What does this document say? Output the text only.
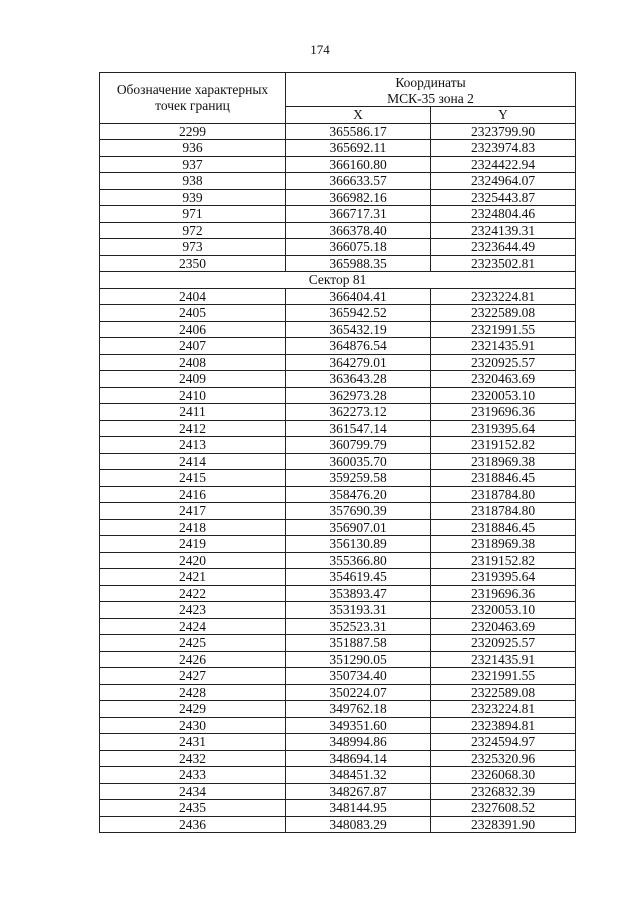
174
Обозначение характерных точек границ	Координаты
МСК-35 зона 2	

	X	Y
2299	365586.17	2323799.90
936	365692.11	2323974.83
937	366160.80	2324422.94
938	366633.57	2324964.07
939	366982.16	2325443.87
971	366717.31	2324804.46
972	366378.40	2324139.31
973	366075.18	2323644.49
2350	365988.35	2323502.81
Сектор 81		
2404	366404.41	2323224.81
2405	365942.52	2322589.08
2406	365432.19	2321991.55
2407	364876.54	2321435.91
2408	364279.01	2320925.57
2409	363643.28	2320463.69
2410	362973.28	2320053.10
2411	362273.12	2319696.36
2412	361547.14	2319395.64
2413	360799.79	2319152.82
2414	360035.70	2318969.38
2415	359259.58	2318846.45
2416	358476.20	2318784.80
2417	357690.39	2318784.80
2418	356907.01	2318846.45
2419	356130.89	2318969.38
2420	355366.80	2319152.82
2421	354619.45	2319395.64
2422	353893.47	2319696.36
2423	353193.31	2320053.10
2424	352523.31	2320463.69
2425	351887.58	2320925.57
2426	351290.05	2321435.91
2427	350734.40	2321991.55
2428	350224.07	2322589.08
2429	349762.18	2323224.81
2430	349351.60	2323894.81
2431	348994.86	2324594.97
2432	348694.14	2325320.96
2433	348451.32	2326068.30
2434	348267.87	2326832.39
2435	348144.95	2327608.52
2436	348083.29	2328391.90
